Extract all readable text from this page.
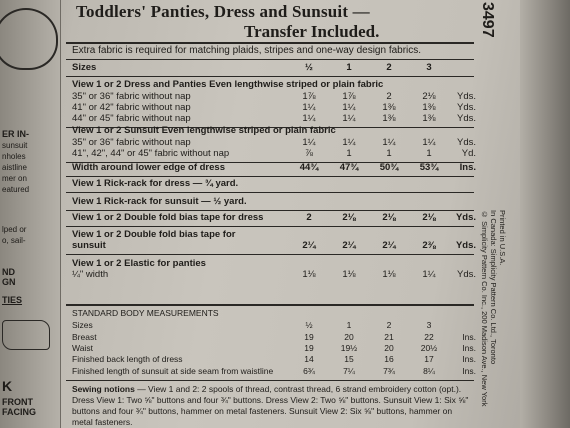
ER IN-
sunsuit
nholes
aistline
mer on
eatured
lped or
o, sail-
ND
GN
TIES
K
FRONT
FACING
Toddlers' Panties, Dress and Sunsuit —
Transfer Included.
Extra fabric is required for matching plaids, stripes and one-way design fabrics.
Sizes	½	1	2	3
View 1 or 2 Dress and Panties Even lengthwise striped or plain fabric
35" or 36" fabric without nap	1⅞	1⅞	2	2⅛	Yds.
41" or 42" fabric without nap	1¼	1¼	1⅜	1⅜	Yds.
44" or 45" fabric without nap	1¼	1¼	1⅜	1⅜	Yds.
View 1 or 2 Sunsuit Even lengthwise striped or plain fabric
35" or 36" fabric without nap	1¼	1¼	1¼	1¼	Yds.
41", 42", 44" or 45" fabric without nap	⅞	1	1	1	Yd.
Width around lower edge of dress	44¾	47¾	50¾	53¾	Ins.
View 1 Rick-rack for dress — ¾ yard.
View 1 Rick-rack for sunsuit — ½ yard.
View 1 or 2 Double fold bias tape for dress	2	2⅛	2⅛	2⅛	Yds.
View 1 or 2 Double fold bias tape for
sunsuit	2¼	2¼	2¼	2⅜	Yds.
View 1 or 2 Elastic for panties
¼" width	1⅛	1⅛	1⅛	1¼	Yds.
STANDARD BODY MEASUREMENTS
Sizes	½	1	2	3
Breast	19	20	21	22	Ins.
Waist	19	19½	20	20½	Ins.
Finished back length of dress	14	15	16	17	Ins.
Finished length of sunsuit at side seam from waistline	6¾	7¼	7¾	8¼	Ins.
Sewing notions — View 1 and 2: 2 spools of thread, contrast thread, 6 strand embroidery cotton (opt.). Dress View 1: Two ⅝" buttons and four ¾" buttons. Dress View 2: Two ⅝" buttons. Sunsuit View 1: Six ⅝" buttons and four ¾" buttons, hammer on metal fasteners. Sunsuit View 2: Six ⅝" buttons, hammer on metal fasteners.
3497
Printed in U.S.A.
In Canada: Simplicity Pattern Co. Ltd., Toronto
© Simplicity Pattern Co. Inc., 200 Madison Ave., New York
